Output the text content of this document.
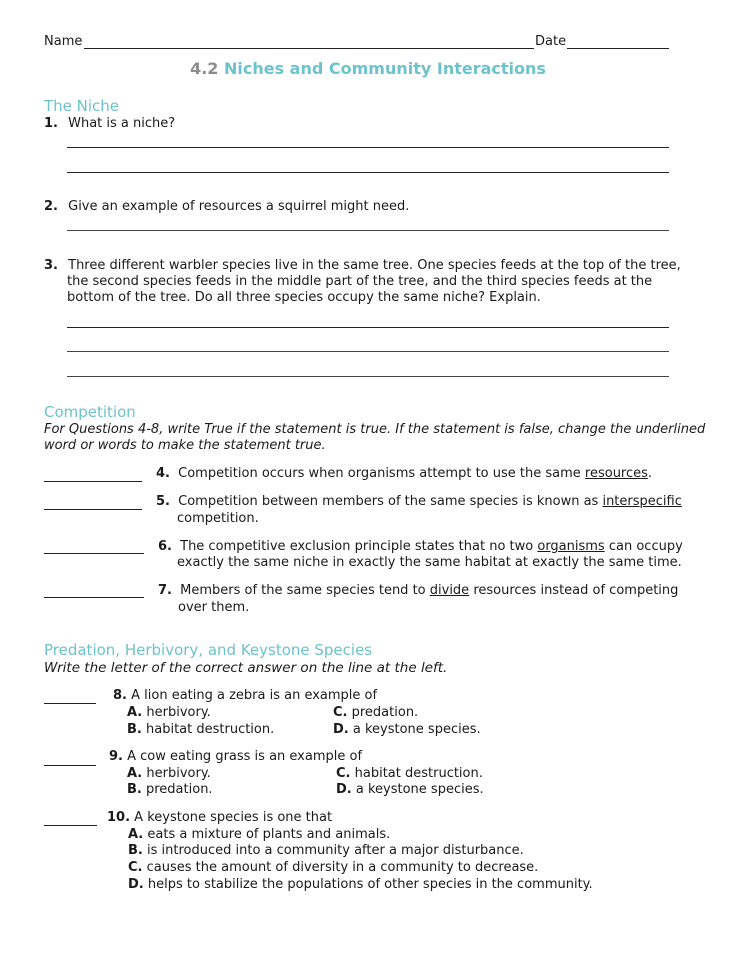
Name	Date
4.2 Niches and Community Interactions
The Niche
1. What is a niche?
2. Give an example of resources a squirrel might need.
3. Three different warbler species live in the same tree. One species feeds at the top of the tree,
the second species feeds in the middle part of the tree, and the third species feeds at the
bottom of the tree. Do all three species occupy the same niche? Explain.
Competition
For Questions 4-8, write True if the statement is true. If the statement is false, change the underlined
word or words to make the statement true.
4. Competition occurs when organisms attempt to use the same resources.
5. Competition between members of the same species is known as interspecific
competition.
6. The competitive exclusion principle states that no two organisms can occupy
exactly the same niche in exactly the same habitat at exactly the same time.
7. Members of the same species tend to divide resources instead of competing
over them.
Predation, Herbivory, and Keystone Species
Write the letter of the correct answer on the line at the left.
8. A lion eating a zebra is an example of
A. herbivory.	C. predation.
B. habitat destruction.	D. a keystone species.
9. A cow eating grass is an example of
A. herbivory.	C. habitat destruction.
B. predation.	D. a keystone species.
10. A keystone species is one that
A. eats a mixture of plants and animals.
B. is introduced into a community after a major disturbance.
C. causes the amount of diversity in a community to decrease.
D. helps to stabilize the populations of other species in the community.
